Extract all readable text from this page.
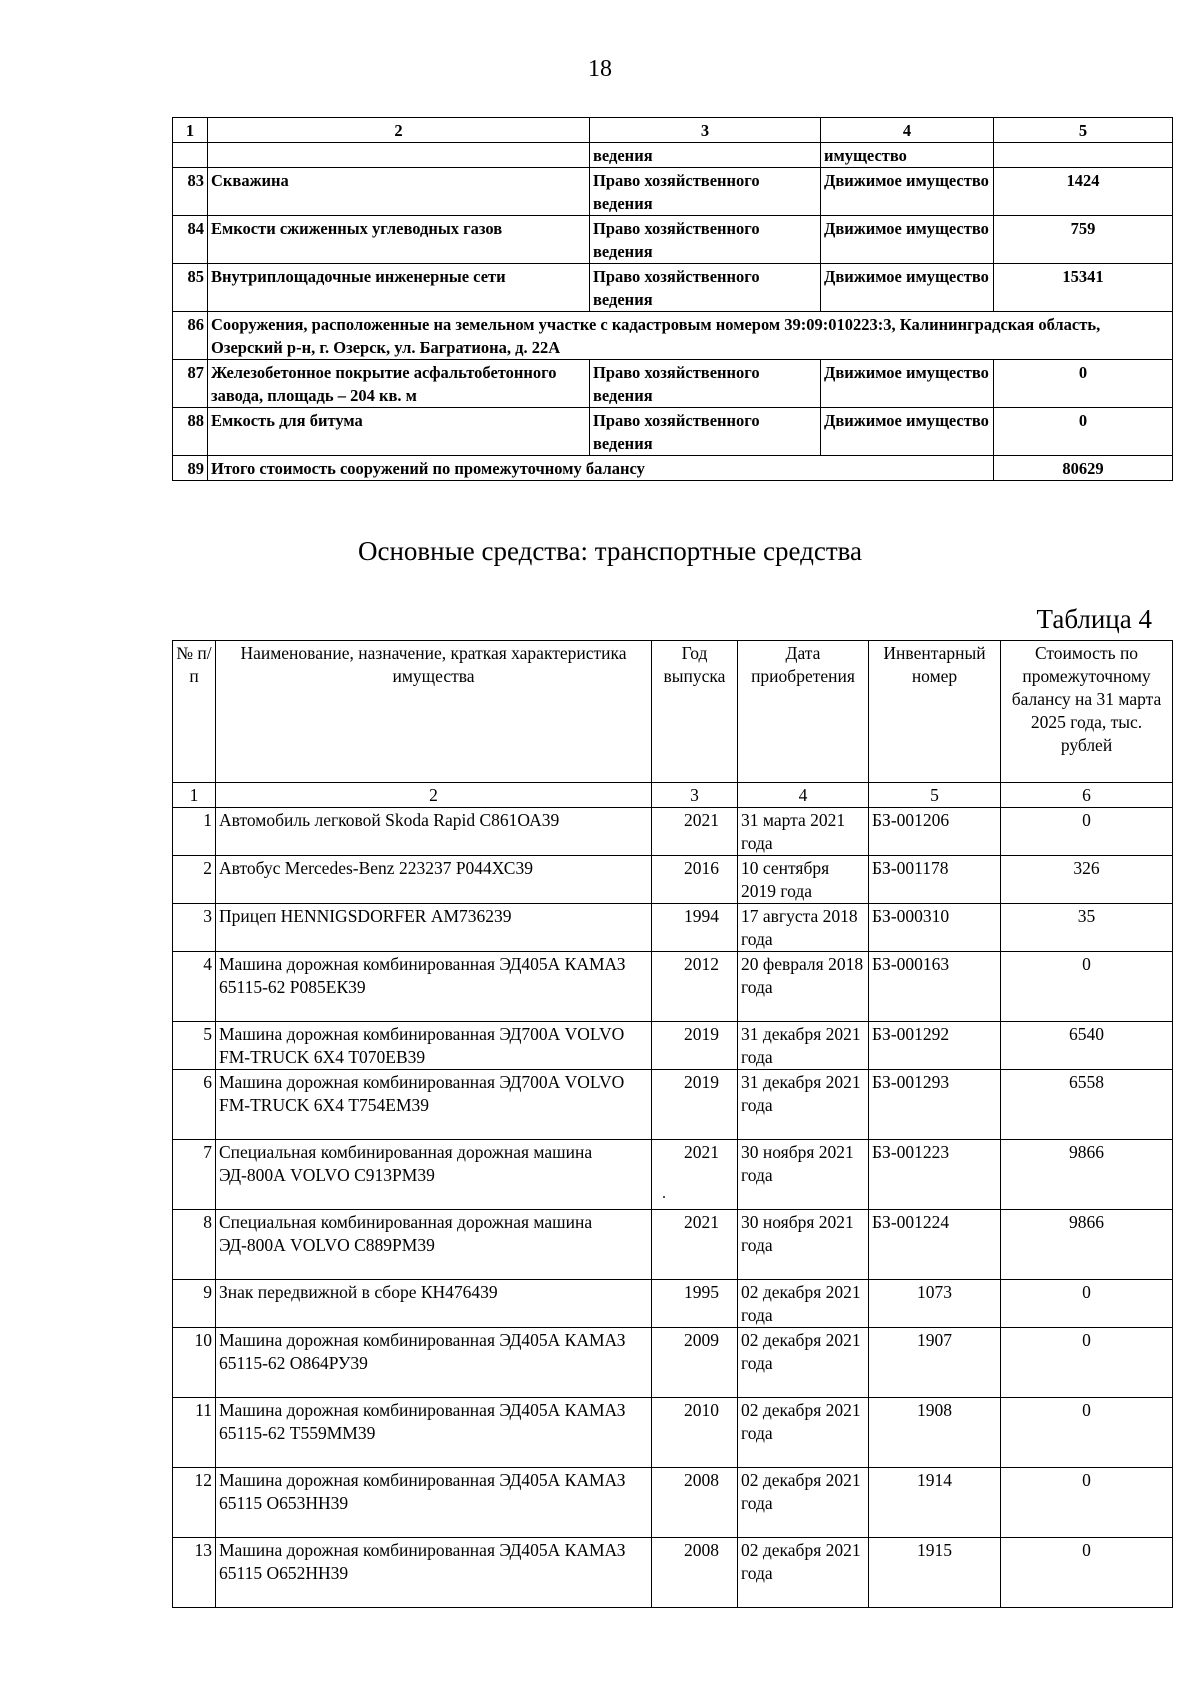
18
1	2	3	4	5
		ведения	имущество	
83	Скважина	Право хозяйственного ведения	Движимое имущество	1424
84	Емкости сжиженных углеводных газов	Право хозяйственного ведения	Движимое имущество	759
85	Внутриплощадочные инженерные сети	Право хозяйственного ведения	Движимое имущество	15341
86	Сооружения, расположенные на земельном участке с кадастровым номером 39:09:010223:3, Калининградская область, Озерский р-н, г. Озерск, ул. Багратиона, д. 22А			
87	Железобетонное покрытие асфальтобетонного завода, площадь – 204 кв. м	Право хозяйственного ведения	Движимое имущество	0
88	Емкость для битума	Право хозяйственного ведения	Движимое имущество	0
89	Итого стоимость сооружений по промежуточному балансу			80629
Основные средства: транспортные средства
Таблица 4
№ п/п	Наименование, назначение, краткая характеристика имущества	Год выпуска	Дата приобретения	Инвентарный номер	Стоимость по промежуточному балансу на 31 марта 2025 года, тыс. рублей
1	2	3	4	5	6
1	Автомобиль легковой Skoda Rapid С861ОА39	2021	31 марта 2021 года	БЗ-001206	0
2	Автобус Mercedes-Benz 223237 Р044ХС39	2016	10 сентября 2019 года	БЗ-001178	326
3	Прицеп HENNIGSDORFER АМ736239	1994	17 августа 2018 года	БЗ-000310	35
4	Машина дорожная комбинированная ЭД405А КАМАЗ 65115-62 Р085ЕК39	2012	20 февраля 2018 года	БЗ-000163	0
5	Машина дорожная комбинированная ЭД700А VOLVO FM-TRUCK 6X4 Т070ЕВ39	2019	31 декабря 2021 года	БЗ-001292	6540
6	Машина дорожная комбинированная ЭД700А VOLVO FM-TRUCK 6X4 Т754ЕМ39	2019	31 декабря 2021 года	БЗ-001293	6558
7	Специальная комбинированная дорожная машина ЭД-800А VOLVO С913РМ39	2021	30 ноября 2021 года	БЗ-001223	9866
8	Специальная комбинированная дорожная машина ЭД-800А VOLVO С889РМ39	2021	30 ноября 2021 года	БЗ-001224	9866
9	Знак передвижной в сборе КН476439	1995	02 декабря 2021 года	1073	0
10	Машина дорожная комбинированная ЭД405А КАМАЗ 65115-62 О864РУ39	2009	02 декабря 2021 года	1907	0
11	Машина дорожная комбинированная ЭД405А КАМАЗ 65115-62 Т559ММ39	2010	02 декабря 2021 года	1908	0
12	Машина дорожная комбинированная ЭД405А КАМАЗ 65115 О653НН39	2008	02 декабря 2021 года	1914	0
13	Машина дорожная комбинированная ЭД405А КАМАЗ 65115 О652НН39	2008	02 декабря 2021 года	1915	0
